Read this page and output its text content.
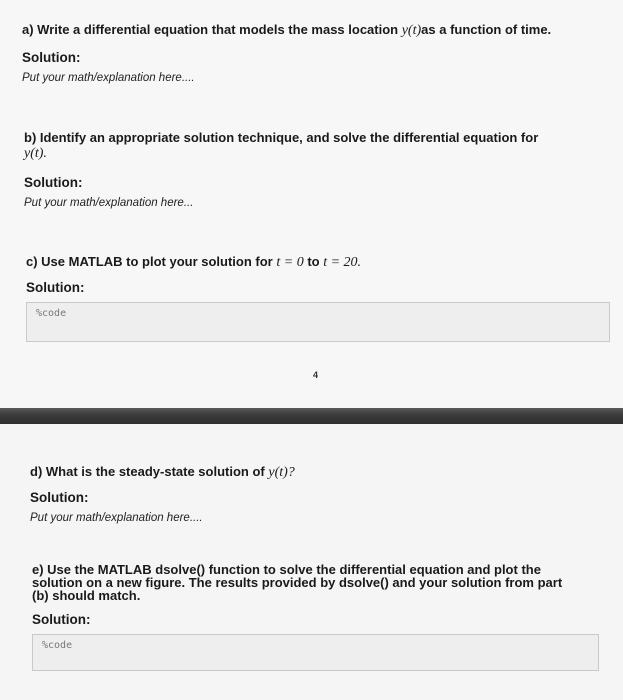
a) Write a differential equation that models the mass location y(t)as a function of time.
Solution:
Put your math/explanation here....
b) Identify an appropriate solution technique, and solve the differential equation for
y(t).
Solution:
Put your math/explanation here...
c) Use MATLAB to plot your solution for t = 0 to t = 20.
Solution:
%code
4
d) What is the steady-state solution of y(t)?
Solution:
Put your math/explanation here....
e) Use the MATLAB dsolve() function to solve the differential equation and plot the
solution on a new figure. The results provided by dsolve() and your solution from part
(b) should match.
Solution:
%code
